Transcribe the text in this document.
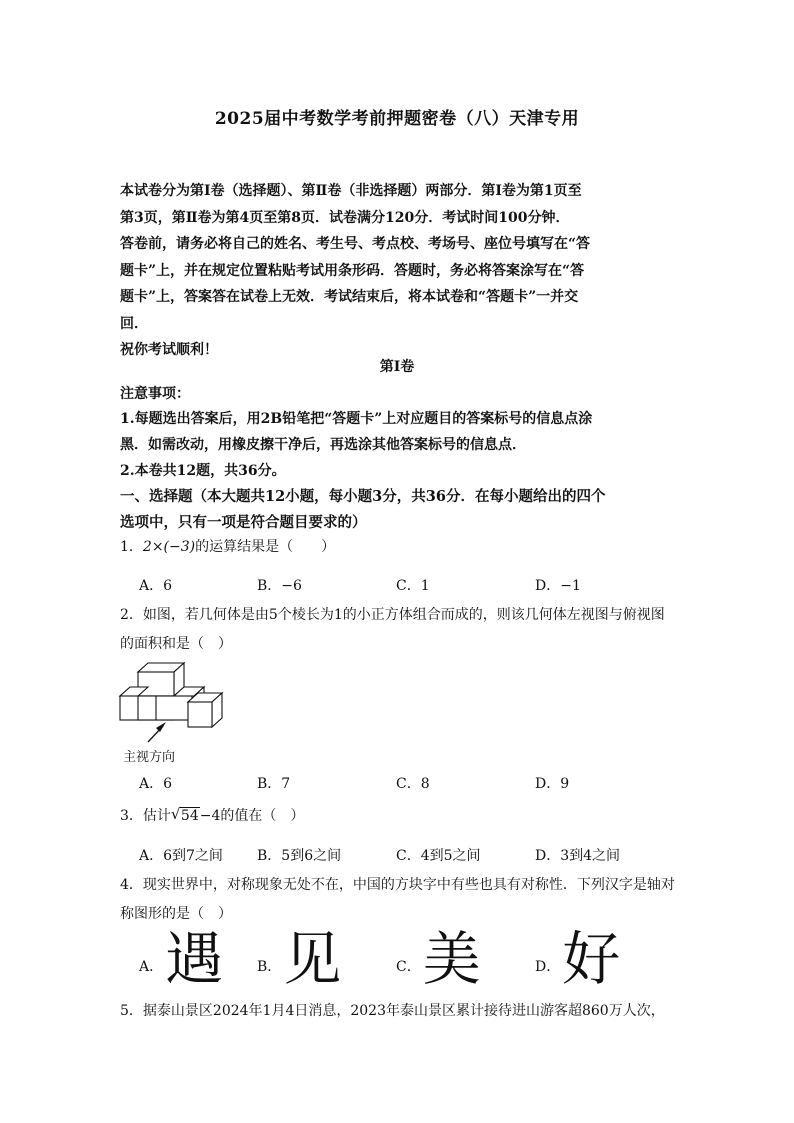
2025届中考数学考前押题密卷（八）天津专用

本试卷分为第Ⅰ卷（选择题）、第Ⅱ卷（非选择题）两部分．第Ⅰ卷为第1页至

第3页，第Ⅱ卷为第4页至第8页．试卷满分120分．考试时间100分钟．

答卷前，请务必将自己的姓名、考生号、考点校、考场号、座位号填写在“答

题卡”上，并在规定位置粘贴考试用条形码．答题时，务必将答案涂写在“答

题卡”上，答案答在试卷上无效．考试结束后，将本试卷和“答题卡”一并交

回．

祝你考试顺利！

第Ⅰ卷
注意事项：
1.每题选出答案后，用2B铅笔把“答题卡”上对应题目的答案标号的信息点涂
黑．如需改动，用橡皮擦干净后，再选涂其他答案标号的信息点．
2.本卷共12题，共36分。
一、选择题（本大题共12小题，每小题3分，共36分．在每小题给出的四个
选项中，只有一项是符合题目要求的）
1．2×(−3)的运算结果是（　　）
A．6	B．−6	C．1	D．−1
2．如图，若几何体是由5个棱长为1的小正方体组合而成的，则该几何体左视图与俯视图
的面积和是（　）
主视方向
A．6	B．7	C．8	D．9
3．估计 √ 54−4的值在（　）
A．6到7之间 B．5到6之间	C．4到5之间	D．3到4之间
4．现实世界中，对称现象无处不在，中国的方块字中有些也具有对称性．下列汉字是轴对
称图形的是（　）
A．遇 B．见	C．美	D．好
5．据泰山景区2024年1月4日消息，2023年泰山景区累计接待进山游客超860万人次，
